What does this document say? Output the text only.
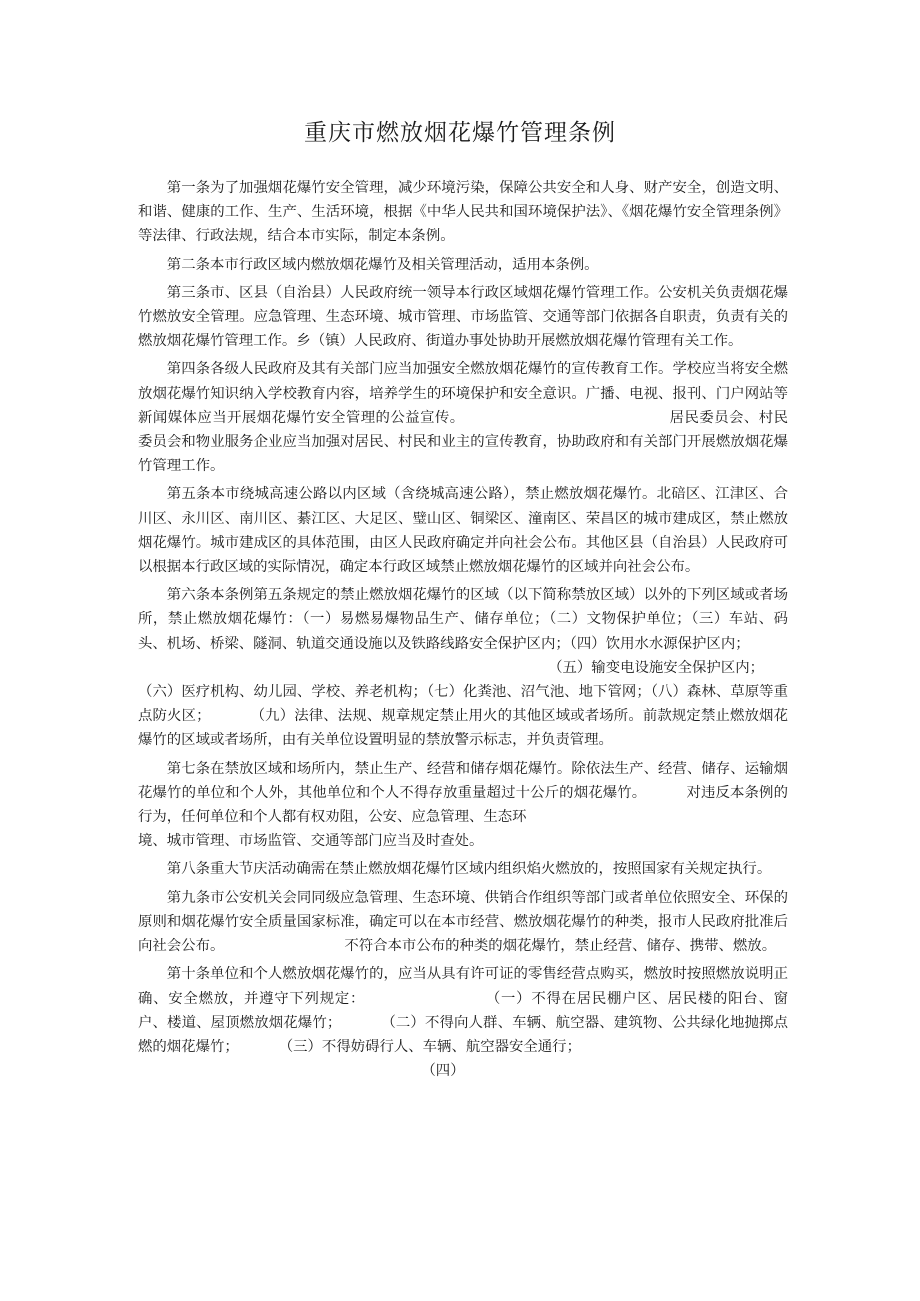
重庆市燃放烟花爆竹管理条例

第一条为了加强烟花爆竹安全管理，减少环境污染，保障公共安全和人身、财产安全，创造文明、和谐、健康的工作、生产、生活环境，根据《中华人民共和国环境保护法》、《烟花爆竹安全管理条例》等法律、行政法规，结合本市实际，制定本条例。

第二条本市行政区域内燃放烟花爆竹及相关管理活动，适用本条例。

第三条市、区县（自治县）人民政府统一领导本行政区域烟花爆竹管理工作。公安机关负责烟花爆竹燃放安全管理。应急管理、生态环境、城市管理、市场监管、交通等部门依据各自职责，负责有关的燃放烟花爆竹管理工作。乡（镇）人民政府、街道办事处协助开展燃放烟花爆竹管理有关工作。

第四条各级人民政府及其有关部门应当加强安全燃放烟花爆竹的宣传教育工作。学校应当将安全燃放烟花爆竹知识纳入学校教育内容，培养学生的环境保护和安全意识。广播、电视、报刊、门户网站等新闻媒体应当开展烟花爆竹安全管理的公益宣传。	居民委员会、村民委员会和物业服务企业应当加强对居民、村民和业主的宣传教育，协助政府和有关部门开展燃放烟花爆竹管理工作。

第五条本市绕城高速公路以内区域（含绕城高速公路），禁止燃放烟花爆竹。北碚区、江津区、合川区、永川区、南川区、綦江区、大足区、璧山区、铜梁区、潼南区、荣昌区的城市建成区，禁止燃放烟花爆竹。城市建成区的具体范围，由区人民政府确定并向社会公布。其他区县（自治县）人民政府可以根据本行政区域的实际情况，确定本行政区域禁止燃放烟花爆竹的区域并向社会公布。

第六条本条例第五条规定的禁止燃放烟花爆竹的区域（以下简称禁放区域）以外的下列区域或者场所，禁止燃放烟花爆竹：（一）易燃易爆物品生产、储存单位；（二）文物保护单位；（三）车站、码头、机场、桥梁、隧洞、轨道交通设施以及铁路线路安全保护区内；（四）饮用水水源保护区内；
（五）输变电设施安全保护区内；
（六）医疗机构、幼儿园、学校、养老机构；（七）化粪池、沼气池、地下管网；（八）森林、草原等重点防火区；	（九）法律、法规、规章规定禁止用火的其他区域或者场所。前款规定禁止燃放烟花爆竹的区域或者场所，由有关单位设置明显的禁放警示标志，并负责管理。

第七条在禁放区域和场所内，禁止生产、经营和储存烟花爆竹。除依法生产、经营、储存、运输烟花爆竹的单位和个人外，其他单位和个人不得存放重量超过十公斤的烟花爆竹。	对违反本条例的行为，任何单位和个人都有权劝阻，公安、应急管理、生态环
境、城市管理、市场监管、交通等部门应当及时查处。

第八条重大节庆活动确需在禁止燃放烟花爆竹区域内组织焰火燃放的，按照国家有关规定执行。

第九条市公安机关会同同级应急管理、生态环境、供销合作组织等部门或者单位依照安全、环保的原则和烟花爆竹安全质量国家标准，确定可以在本市经营、燃放烟花爆竹的种类，报市人民政府批准后向社会公布。	不符合本市公布的种类的烟花爆竹，禁止经营、储存、携带、燃放。

第十条单位和个人燃放烟花爆竹的，应当从具有许可证的零售经营点购买，燃放时按照燃放说明正确、安全燃放，并遵守下列规定：	（一）不得在居民棚户区、居民楼的阳台、窗户、楼道、屋顶燃放烟花爆竹；	（二）不得向人群、车辆、航空器、建筑物、公共绿化地抛掷点燃的烟花爆竹；	（三）不得妨碍行人、车辆、航空器安全通行；

（四）
